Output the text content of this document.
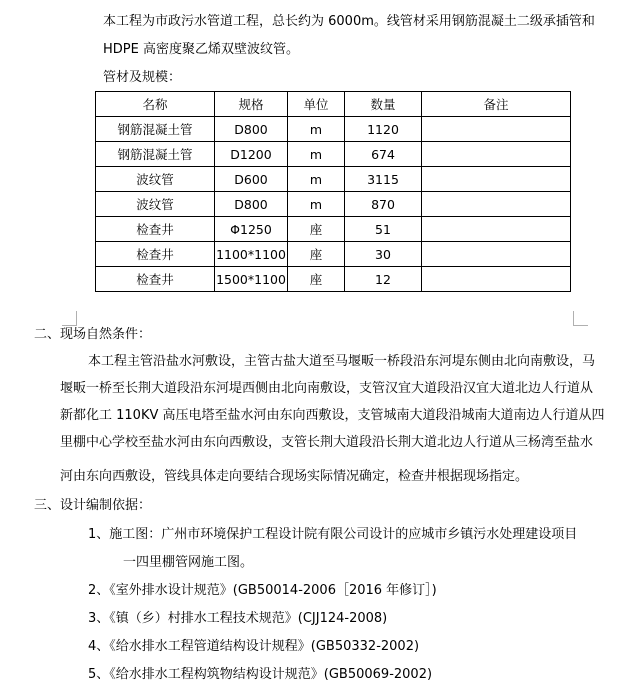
本工程为市政污水管道工程，总长约为 6000m。线管材采用钢筋混凝土二级承插管和
HDPE 高密度聚乙烯双壁波纹管。
管材及规模：
名称	规格	单位	数量	备注
钢筋混凝土管	D800	m	1120	
钢筋混凝土管	D1200	m	674	
波纹管	D600	m	3115	
波纹管	D800	m	870	
检查井	Φ1250	座	51	
检查井	1100*1100	座	30	
检查井	1500*1100	座	12	
二、现场自然条件：
本工程主管沿盐水河敷设，主管古盐大道至马堰畈一桥段沿东河堤东侧由北向南敷设，马
堰畈一桥至长荆大道段沿东河堤西侧由北向南敷设，支管汉宜大道段沿汉宜大道北边人行道从
新都化工 110KV 高压电塔至盐水河由东向西敷设，支管城南大道段沿城南大道南边人行道从四
里棚中心学校至盐水河由东向西敷设，支管长荆大道段沿长荆大道北边人行道从三杨湾至盐水
河由东向西敷设，管线具体走向要结合现场实际情况确定，检查井根据现场指定。
三、设计编制依据：
1、施工图：广州市环境保护工程设计院有限公司设计的应城市乡镇污水处理建设项目
一四里棚管网施工图。
2、《室外排水设计规范》(GB50014-2006［2016 年修订］)
3、《镇（乡）村排水工程技术规范》(CJJ124-2008)
4、《给水排水工程管道结构设计规程》(GB50332-2002)
5、《给水排水工程构筑物结构设计规范》(GB50069-2002)
